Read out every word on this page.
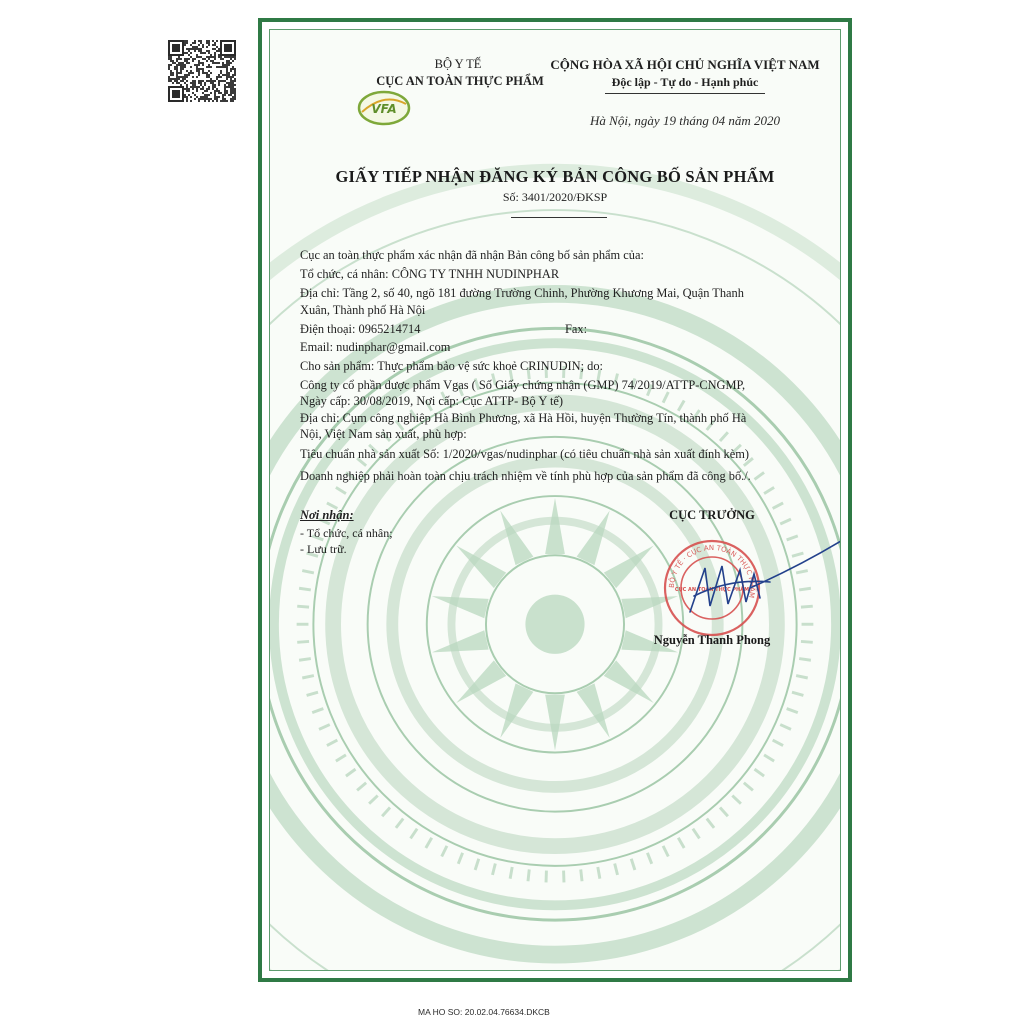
BỘ Y TẾ
CỤC AN TOÀN THỰC PHẨM
VFA
CỘNG HÒA XÃ HỘI CHỦ NGHĨA VIỆT NAM
Độc lập - Tự do - Hạnh phúc
Hà Nội, ngày 19 tháng 04 năm 2020
GIẤY TIẾP NHẬN ĐĂNG KÝ BẢN CÔNG BỐ SẢN PHẨM
Số: 3401/2020/ĐKSP
Cục an toàn thực phẩm xác nhận đã nhận Bản công bố sản phẩm của:
Tổ chức, cá nhân: CÔNG TY TNHH NUDINPHAR
Địa chỉ: Tầng 2, số 40, ngõ 181 đường Trường Chinh, Phường Khương Mai, Quận Thanh
Xuân, Thành phố Hà Nội
Điện thoại: 0965214714	Fax:
Email: nudinphar@gmail.com
Cho sản phẩm: Thực phẩm bảo vệ sức khoẻ CRINUDIN; do:
Công ty cổ phần dược phẩm Vgas ( Số Giấy chứng nhận (GMP) 74/2019/ATTP-CNGMP,
Ngày cấp: 30/08/2019, Nơi cấp: Cục ATTP- Bộ Y tế)
Địa chỉ: Cụm công nghiệp Hà Bình Phương, xã Hà Hồi, huyện Thường Tín, thành phố Hà
Nội, Việt Nam sản xuất, phù hợp:
Tiêu chuẩn nhà sản xuất Số: 1/2020/vgas/nudinphar (có tiêu chuẩn nhà sản xuất đính kèm)
Doanh nghiệp phải hoàn toàn chịu trách nhiệm về tính phù hợp của sản phẩm đã công bố./.
Nơi nhận:
- Tổ chức, cá nhân;
- Lưu trữ.
CỤC TRƯỞNG
BỘ Y TẾ · CỤC AN TOÀN THỰC PHẨM
CỤC AN TOÀN THỰC PHẨM
Nguyễn Thanh Phong
MA HO SO: 20.02.04.76634.DKCB
